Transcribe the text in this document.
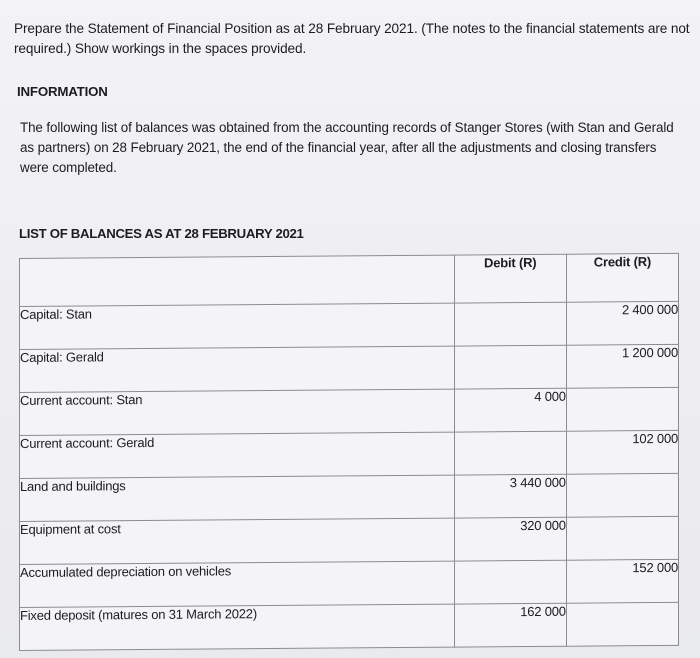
Prepare the Statement of Financial Position as at 28 February 2021. (The notes to the financial statements are not required.) Show workings in the spaces provided.
INFORMATION
The following list of balances was obtained from the accounting records of Stanger Stores (with Stan and Gerald as partners) on 28 February 2021, the end of the financial year, after all the adjustments and closing transfers were completed.
LIST OF BALANCES AS AT 28 FEBRUARY 2021
	Debit (R)	Credit (R)
Capital: Stan		2 400 000
Capital: Gerald		1 200 000
Current account: Stan	4 000	
Current account: Gerald		102 000
Land and buildings	3 440 000	
Equipment at cost	320 000	
Accumulated depreciation on vehicles		152 000
Fixed deposit (matures on 31 March 2022)	162 000	
